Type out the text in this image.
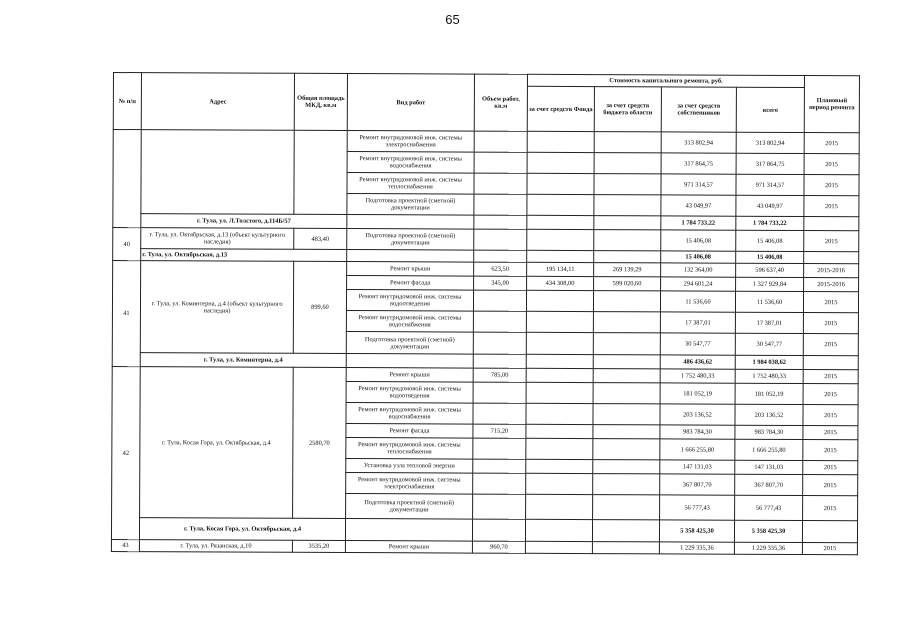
65
№ п/п	Адрес	Общая площадь МКД, кв.м	Вид работ	Объем работ, кв.м	Стоимость капитального ремонта, руб.				Плановый период ремонта
					за счет средств Фонда	за счет средств бюджета области	за счет средств собственников	всего	
			Ремонт внутридомовой инж. системы электроснабжения				313 802,94	313 802,94	2015
			Ремонт внутридомовой инж. системы водоснабжения				317 864,75	317 864,75	2015
			Ремонт внутридомовой инж. системы теплоснабжения				971 314,57	971 314,57	2015
			Подготовка проектной (сметной) документации				43 049,97	43 049,97	2015
	г. Тула, ул. Л.Толстого, д.114Б/57						1 784 733,22	1 784 733,22	
40	г. Тула, ул. Октябрьская, д.13 (объект культурного наследия)	483,40	Подготовка проектной (сметной) документации				15 406,08	15 406,08	2015
	г. Тула, ул. Октябрьская, д.13						15 406,08	15 406,08	
41	г. Тула, ул. Коминтерна, д.4 (объект культурного наследия)	899,60	Ремонт крыши	623,50	195 134,11	269 139,29	132 364,00	596 637,40	2015-2016
			Ремонт фасада	345,00	434 308,00	599 020,60	294 601,24	1 327 929,84	2015-2016
			Ремонт внутридомовой инж. системы водоотведения				11 536,60	11 536,60	2015
			Ремонт внутридомовой инж. системы водоснабжения				17 387,01	17 387,01	2015
			Подготовка проектной (сметной) документации				30 547,77	30 547,77	2015
	г. Тула, ул. Коминтерна, д.4						486 436,62	1 984 038,62	
42	г. Тула, Косая Гора, ул. Октябрьская, д.4	2580,70	Ремонт крыши	785,00			1 752 480,33	1 752 480,33	2015
			Ремонт внутридомовой инж. системы водоотведения				181 052,19	181 052,19	2015
			Ремонт внутридомовой инж. системы водоснабжения				203 136,52	203 136,52	2015
			Ремонт фасада	715,20			983 784,30	983 784,30	2015
			Ремонт внутридомовой инж. системы теплоснабжения				1 666 255,80	1 666 255,80	2015
			Установка узла тепловой энергии				147 131,03	147 131,03	2015
			Ремонт внутридомовой инж. системы электроснабжения				367 807,70	367 807,70	2015
			Подготовка проектной (сметной) документации				56 777,43	56 777,43	2015
	г. Тула, Косая Гора, ул. Октябрьская, д.4						5 358 425,30	5 358 425,30	
43	г. Тула, ул. Рязанская, д.10	3535,20	Ремонт крыши	960,70			1 229 335,36	1 229 335,36	2015
